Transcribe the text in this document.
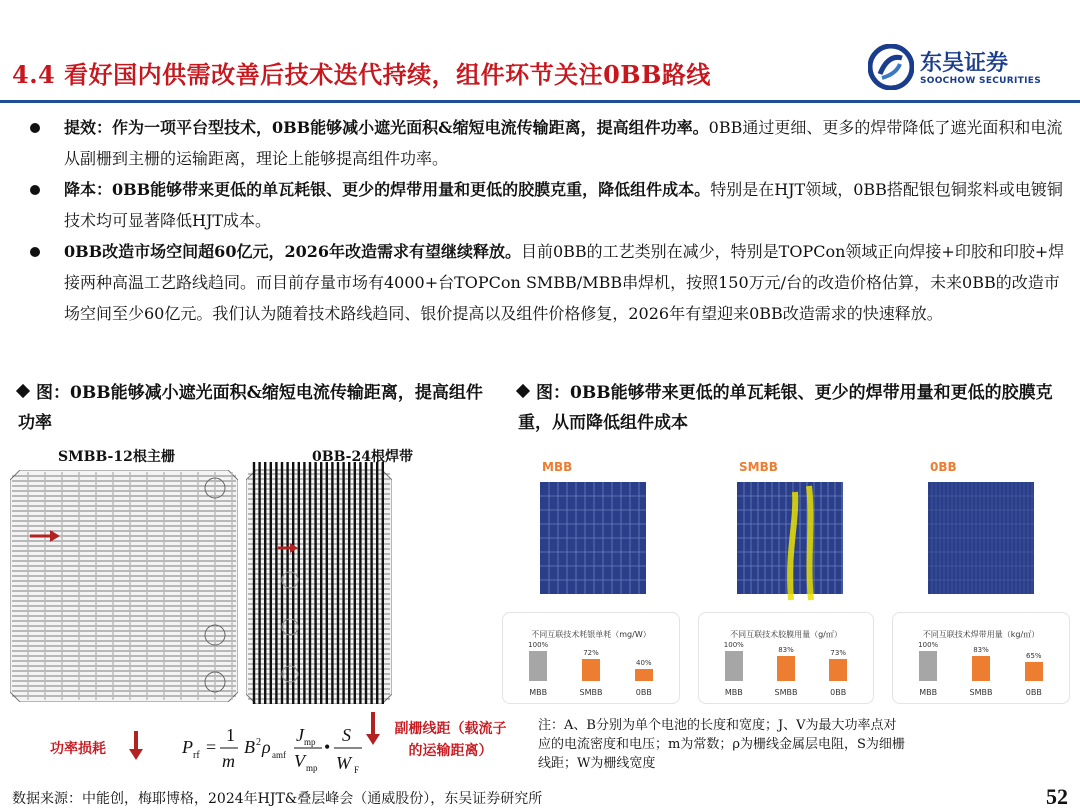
4.4 看好国内供需改善后技术迭代持续，组件环节关注0BB路线	东吴证券
SOOCHOW SECURITIES
提效：作为一项平台型技术，0BB能够减小遮光面积&缩短电流传输距离，提高组件功率。0BB通过更细、更多的焊带降低了遮光面积和电流从副栅到主栅的运输距离，理论上能够提高组件功率。
降本：0BB能够带来更低的单瓦耗银、更少的焊带用量和更低的胶膜克重，降低组件成本。特别是在HJT领域，0BB搭配银包铜浆料或电镀铜技术均可显著降低HJT成本。
0BB改造市场空间超60亿元，2026年改造需求有望继续释放。目前0BB的工艺类别在减少，特别是TOPCon领域正向焊接+印胶和印胶+焊接两种高温工艺路线趋同。而目前存量市场有4000+台TOPCon SMBB/MBB串焊机，按照150万元/台的改造价格估算，未来0BB的改造市场空间至少60亿元。我们认为随着技术路线趋同、银价提高以及组件价格修复，2026年有望迎来0BB改造需求的快速释放。
图：0BB能够减小遮光面积&缩短电流传输距离，提高组件功率
图：0BB能够带来更低的单瓦耗银、更少的焊带用量和更低的胶膜克重，从而降低组件成本
SMBB-12根主栅	0BB-24根焊带
功率损耗	P rf =
1
m
B 2 ρ amf
J mp
V mp
•
S
W F
副栅线距（载流子的运输距离）
MBB	SMBB	0BB
不同互联技术耗银单耗（mg/W）
100%
MBB
72%
SMBB
40%
0BB
不同互联技术胶膜用量（g/㎡）
100%
MBB
83%
SMBB
73%
0BB
不同互联技术焊带用量（kg/㎡）
100%
MBB
83%
SMBB
65%
0BB
注：A、B分别为单个电池的长度和宽度；J、V为最大功率点对应的电流密度和电压；m为常数；ρ为栅线金属层电阻，S为细栅线距；W为栅线宽度
数据来源：中能创，梅耶博格，2024年HJT&叠层峰会（通威股份），东吴证券研究所	52
